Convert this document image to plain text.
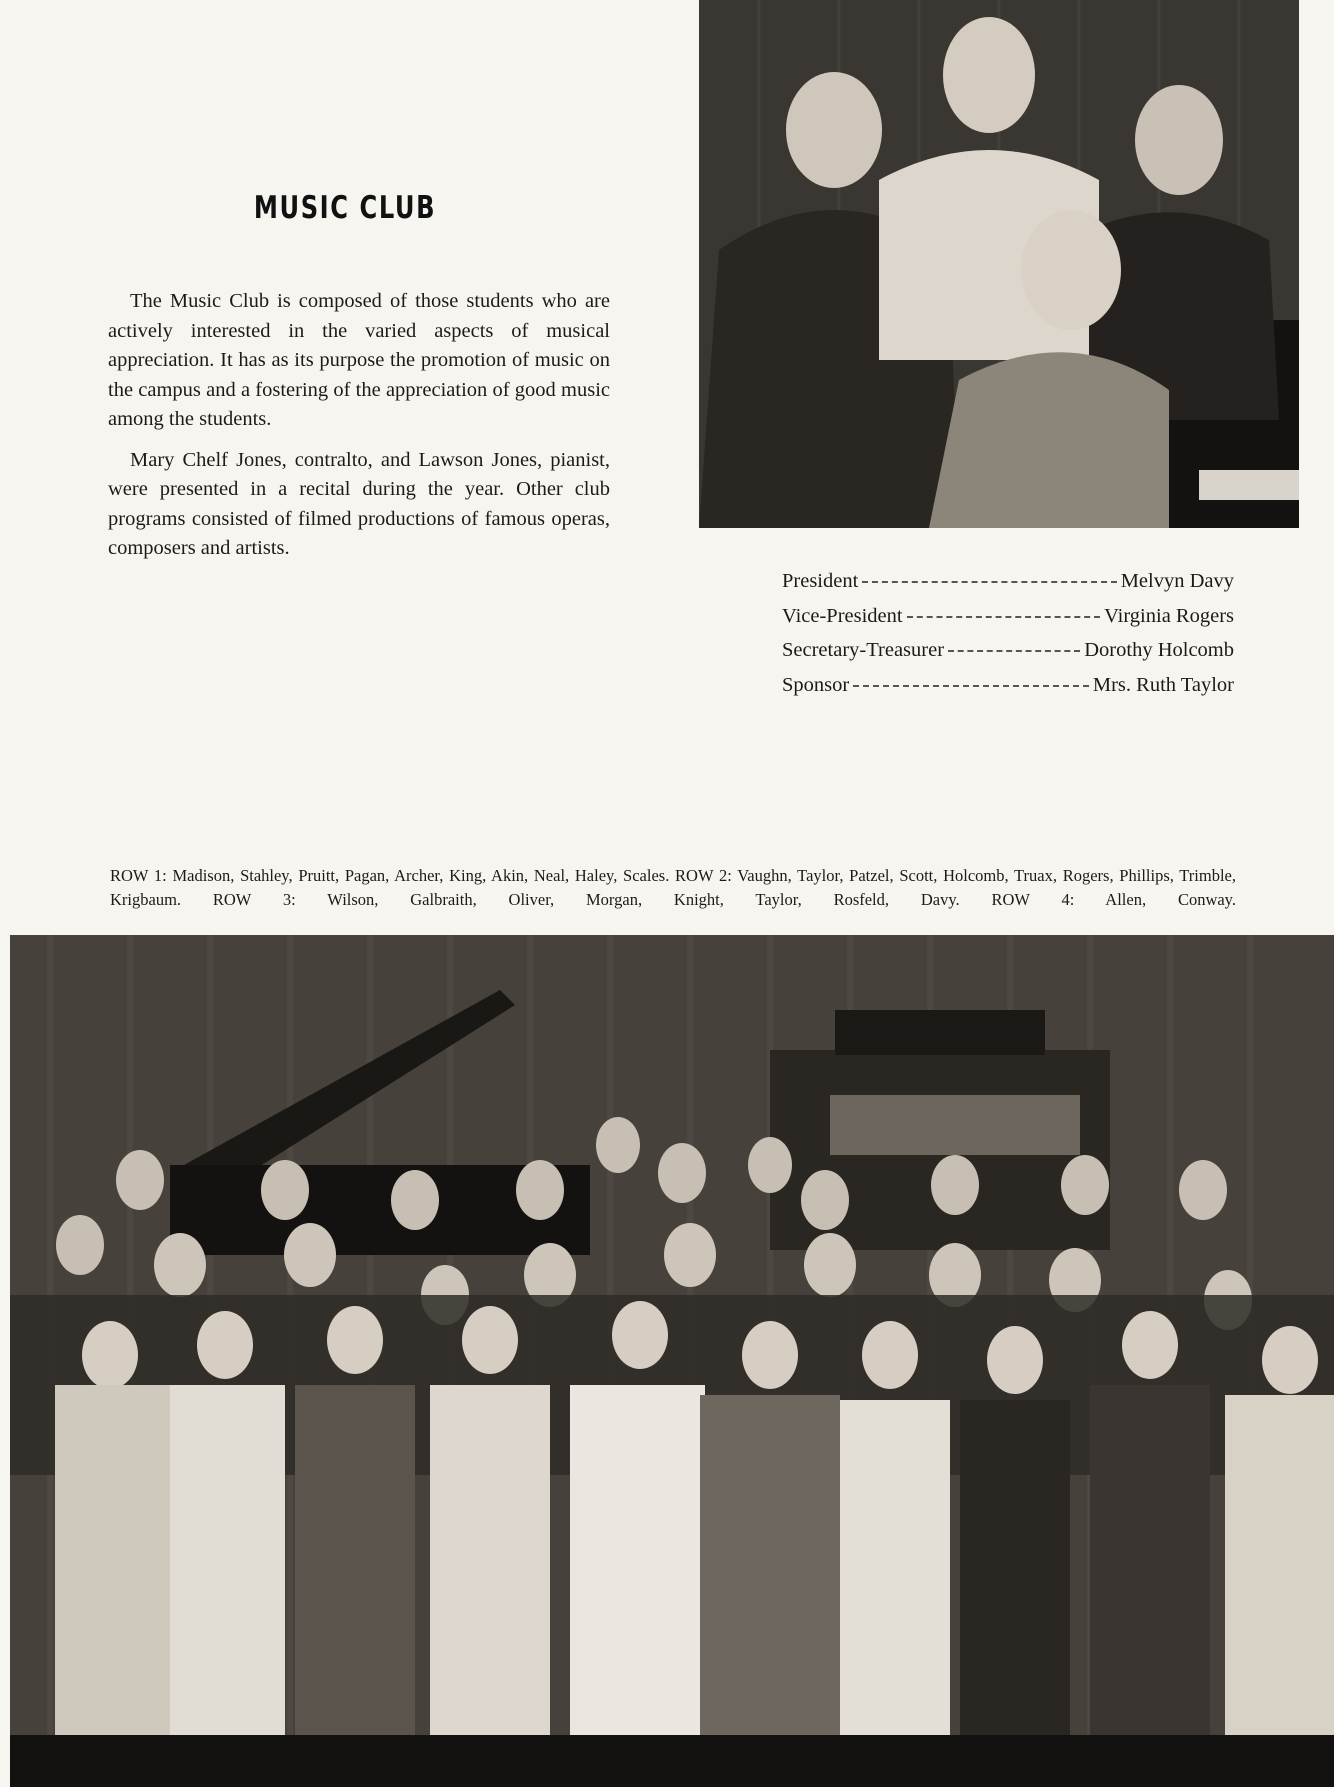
MUSIC CLUB

The Music Club is composed of those students who are actively interested in the varied aspects of musical appreciation. It has as its purpose the promotion of music on the campus and a fostering of the appreciation of good music among the students.

Mary Chelf Jones, contralto, and Lawson Jones, pianist, were presented in a recital during the year. Other club programs consisted of filmed productions of famous operas, composers and artists.

President	Melvyn Davy
Vice-President	Virginia Rogers
Secretary-Treasurer	Dorothy Holcomb
Sponsor	Mrs. Ruth Taylor
ROW 1: Madison, Stahley, Pruitt, Pagan, Archer, King, Akin, Neal, Haley, Scales. ROW 2: Vaughn, Taylor, Patzel, Scott, Holcomb, Truax, Rogers, Phillips, Trimble, Krigbaum. ROW 3: Wilson, Galbraith, Oliver, Morgan, Knight, Taylor, Rosfeld, Davy. ROW 4: Allen, Conway.
